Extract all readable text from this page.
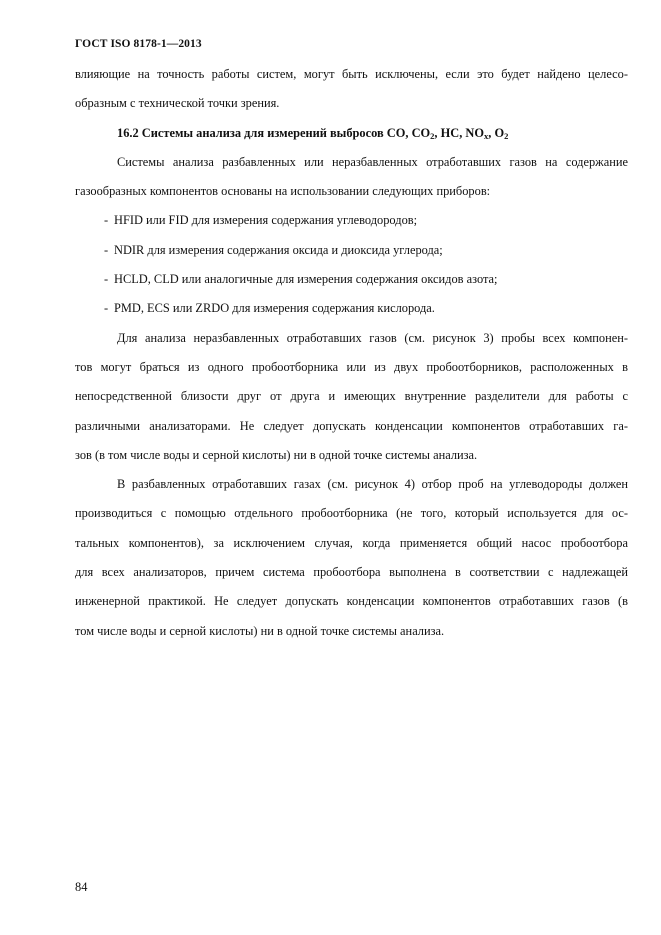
ГОСТ ISO 8178-1—2013

влияющие на точность работы систем, могут быть исключены, если это будет найдено целесо-

образным с технической точки зрения.

16.2 Системы анализа для измерений выбросов CO, $CO_2$, HC, $NO_x$, $O_2$

Системы анализа разбавленных или неразбавленных отработавших газов на содержание

газообразных компонентов основаны на использовании следующих приборов:

- HFID или FID для измерения содержания углеводородов;

- NDIR для измерения содержания оксида и диоксида углерода;

- HCLD, CLD или аналогичные для измерения содержания оксидов азота;

- PMD, ECS или ZRDO для измерения содержания кислорода.

Для анализа неразбавленных отработавших газов (см. рисунок 3) пробы всех компонен-

тов могут браться из одного пробоотборника или из двух пробоотборников, расположенных в

непосредственной близости друг от друга и имеющих внутренние разделители для работы с

различными анализаторами. Не следует допускать конденсации компонентов отработавших га-

зов (в том числе воды и серной кислоты) ни в одной точке системы анализа.

В разбавленных отработавших газах (см. рисунок 4) отбор проб на углеводороды должен

производиться с помощью отдельного пробоотборника (не того, который используется для ос-

тальных компонентов), за исключением случая, когда применяется общий насос пробоотбора

для всех анализаторов, причем система пробоотбора выполнена в соответствии с надлежащей

инженерной практикой. Не следует допускать конденсации компонентов отработавших газов (в

том числе воды и серной кислоты) ни в одной точке системы анализа.

84
